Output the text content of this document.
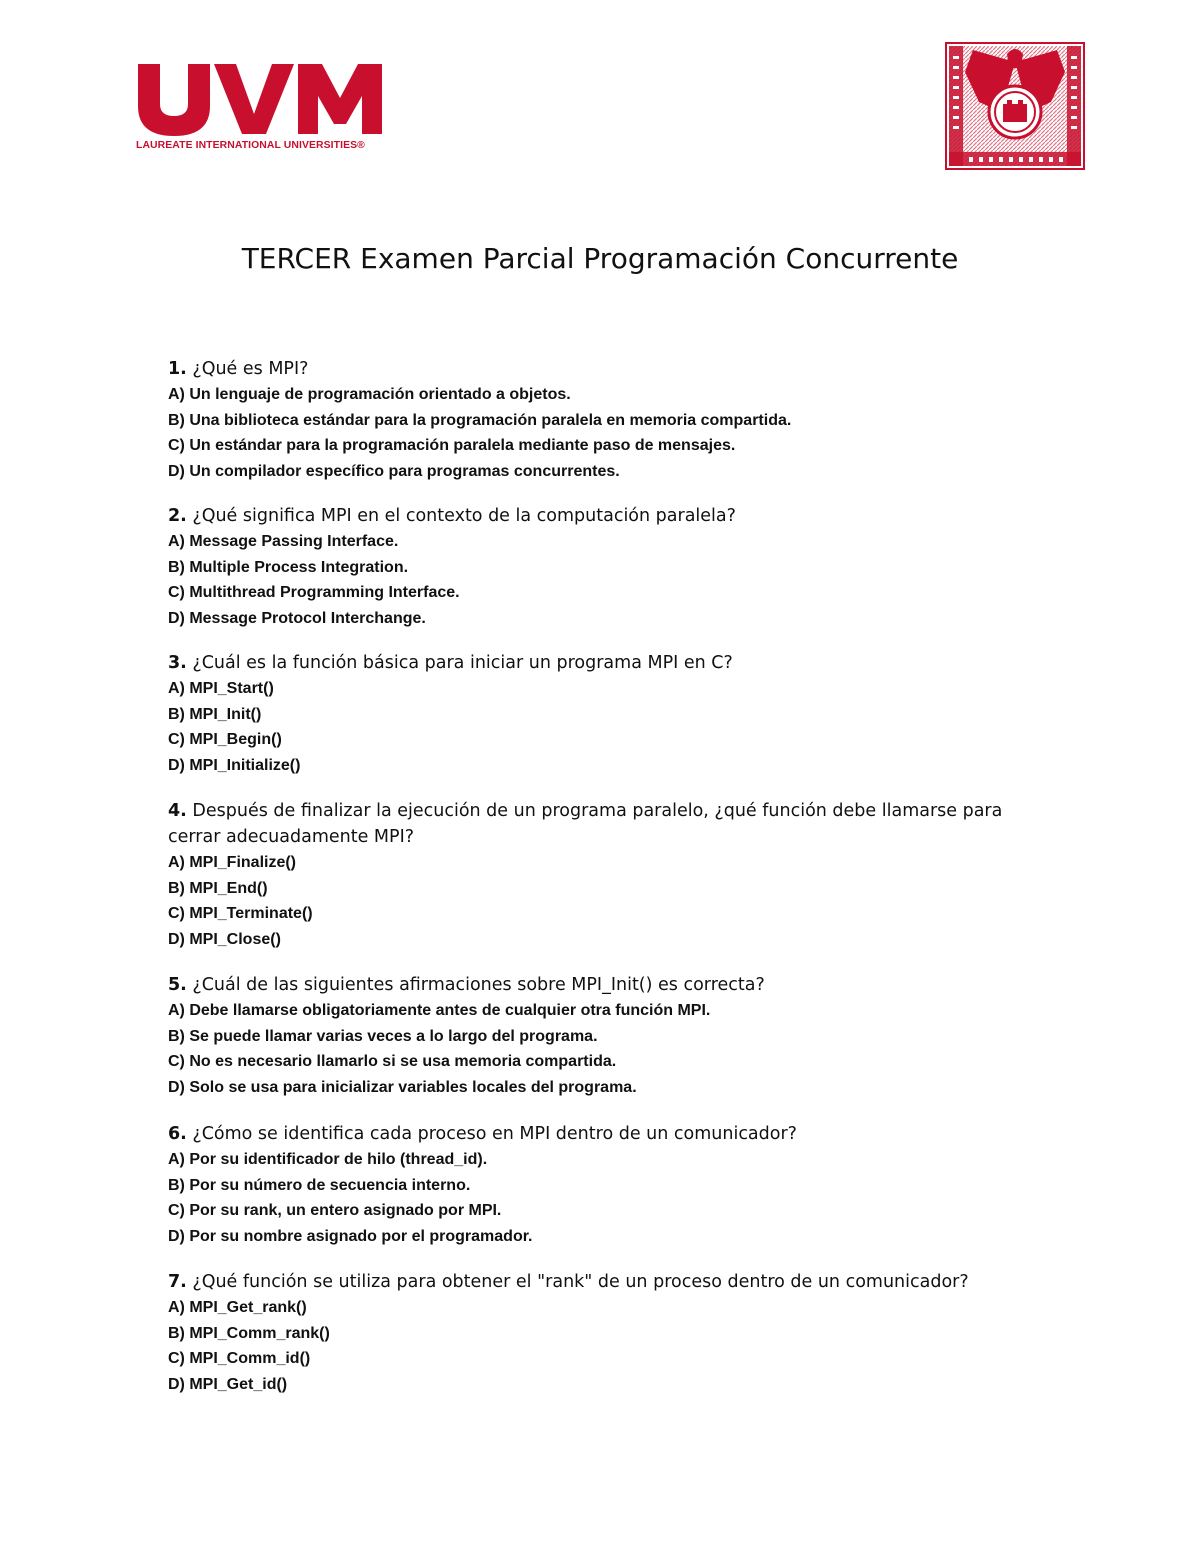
LAUREATE INTERNATIONAL UNIVERSITIES®
TERCER Examen Parcial Programación Concurrente
1. ¿Qué es MPI?
A) Un lenguaje de programación orientado a objetos.
B) Una biblioteca estándar para la programación paralela en memoria compartida.
C) Un estándar para la programación paralela mediante paso de mensajes.
D) Un compilador específico para programas concurrentes.
2. ¿Qué significa MPI en el contexto de la computación paralela?
A) Message Passing Interface.
B) Multiple Process Integration.
C) Multithread Programming Interface.
D) Message Protocol Interchange.
3. ¿Cuál es la función básica para iniciar un programa MPI en C?
A) MPI_Start()
B) MPI_Init()
C) MPI_Begin()
D) MPI_Initialize()
4. Después de finalizar la ejecución de un programa paralelo, ¿qué función debe llamarse para cerrar adecuadamente MPI?
A) MPI_Finalize()
B) MPI_End()
C) MPI_Terminate()
D) MPI_Close()
5. ¿Cuál de las siguientes afirmaciones sobre MPI_Init() es correcta?
A) Debe llamarse obligatoriamente antes de cualquier otra función MPI.
B) Se puede llamar varias veces a lo largo del programa.
C) No es necesario llamarlo si se usa memoria compartida.
D) Solo se usa para inicializar variables locales del programa.
6. ¿Cómo se identifica cada proceso en MPI dentro de un comunicador?
A) Por su identificador de hilo (thread_id).
B) Por su número de secuencia interno.
C) Por su rank, un entero asignado por MPI.
D) Por su nombre asignado por el programador.
7. ¿Qué función se utiliza para obtener el "rank" de un proceso dentro de un comunicador?
A) MPI_Get_rank()
B) MPI_Comm_rank()
C) MPI_Comm_id()
D) MPI_Get_id()
